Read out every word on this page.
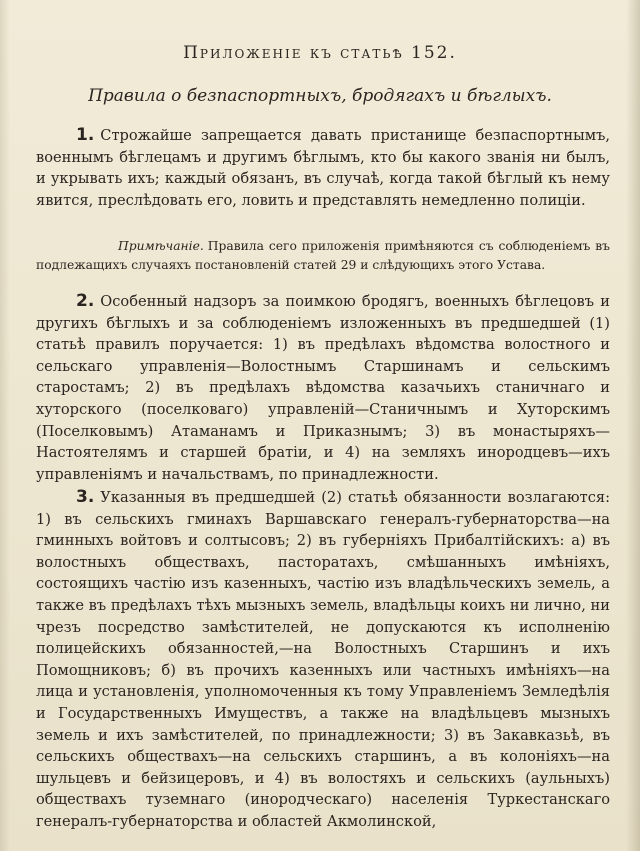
Приложеніе къ статьѣ 152.
Правила о безпаспортныхъ, бродягахъ и бѣглыхъ.

1. Строжайше запрещается давать пристанище безпаспортнымъ, военнымъ бѣглецамъ и другимъ бѣглымъ, кто бы какого званія ни былъ, и укрывать ихъ; каждый обязанъ, въ случаѣ, когда такой бѣглый къ нему явится, преслѣдовать его, ловить и представлять немедленно полиціи.

Примѣчаніе. Правила сего приложенія примѣняются съ соблюденіемъ въ подлежащихъ случаяхъ постановленій статей 29 и слѣдующихъ этого Устава.

2. Особенный надзоръ за поимкою бродягъ, военныхъ бѣглецовъ и другихъ бѣглыхъ и за соблюденіемъ изложенныхъ въ предшедшей (1) статьѣ правилъ поручается: 1) въ предѣлахъ вѣдомства волостного и сельскаго управленія—Волостнымъ Старшинамъ и сельскимъ старостамъ; 2) въ предѣлахъ вѣдомства казачьихъ станичнаго и хуторского (поселковаго) управленій—Станичнымъ и Хуторскимъ (Поселковымъ) Атаманамъ и Приказнымъ; 3) въ монастыряхъ—Настоятелямъ и старшей братіи, и 4) на земляхъ инородцевъ—ихъ управленіямъ и начальствамъ, по принадлежности.

3. Указанныя въ предшедшей (2) статьѣ обязанности возлагаются: 1) въ сельскихъ гминахъ Варшавскаго генералъ-губернаторства—на гминныхъ войтовъ и солтысовъ; 2) въ губерніяхъ Прибалтійскихъ: а) въ волостныхъ обществахъ, пасторатахъ, смѣшанныхъ имѣніяхъ, состоящихъ частію изъ казенныхъ, частію изъ владѣльческихъ земель, а также въ предѣлахъ тѣхъ мызныхъ земель, владѣльцы коихъ ни лично, ни чрезъ посредство замѣстителей, не допускаются къ исполненію полицейскихъ обязанностей,—на Волостныхъ Старшинъ и ихъ Помощниковъ; б) въ прочихъ казенныхъ или частныхъ имѣніяхъ—на лица и установленія, уполномоченныя къ тому Управленіемъ Земледѣлія и Государственныхъ Имуществъ, а также на владѣльцевъ мызныхъ земель и ихъ замѣстителей, по принадлежности; 3) въ Закавказьѣ, въ сельскихъ обществахъ—на сельскихъ старшинъ, а въ колоніяхъ—на шульцевъ и бейзицеровъ, и 4) въ волостяхъ и сельскихъ (аульныхъ) обществахъ туземнаго (инородческаго) населенія Туркестанскаго генералъ-губернаторства и областей Акмолинской,
